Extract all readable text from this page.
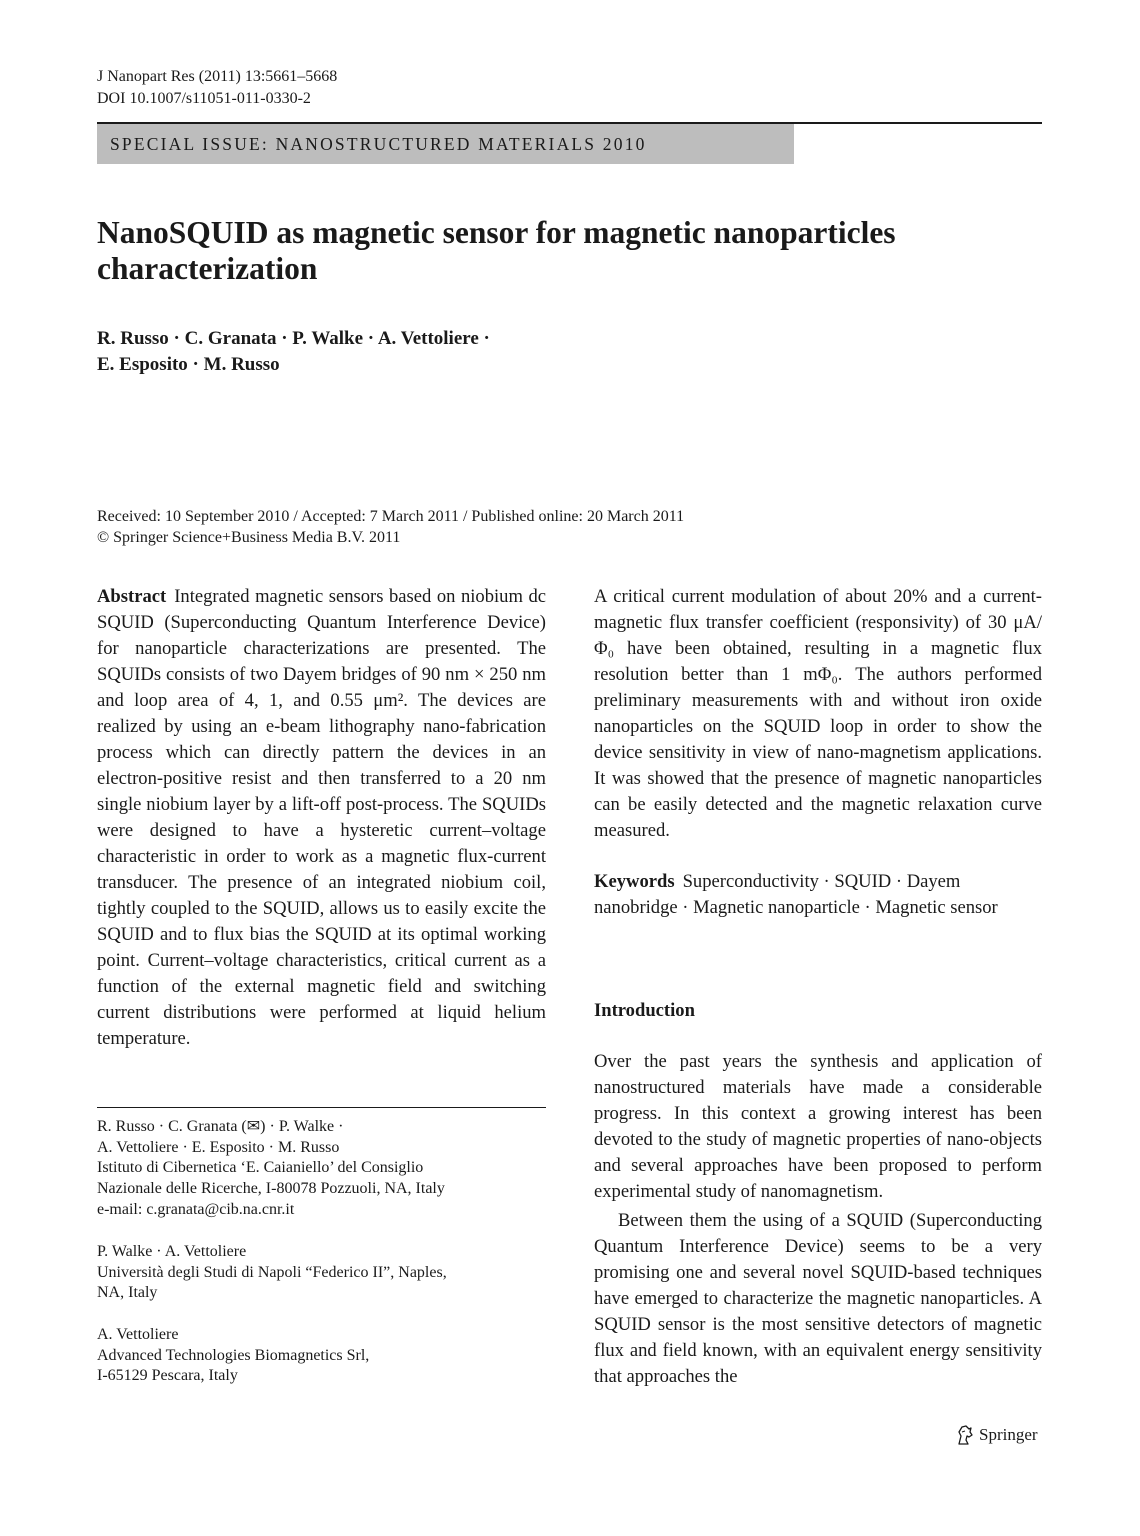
J Nanopart Res (2011) 13:5661–5668
DOI 10.1007/s11051-011-0330-2
SPECIAL ISSUE: NANOSTRUCTURED MATERIALS 2010
NanoSQUID as magnetic sensor for magnetic nanoparticles
characterization
R. Russo · C. Granata · P. Walke · A. Vettoliere ·
E. Esposito · M. Russo
Received: 10 September 2010 / Accepted: 7 March 2011 / Published online: 20 March 2011
© Springer Science+Business Media B.V. 2011

Abstract Integrated magnetic sensors based on niobium dc SQUID (Superconducting Quantum Interference Device) for nanoparticle characterizations are presented. The SQUIDs consists of two Dayem bridges of 90 nm × 250 nm and loop area of 4, 1, and 0.55 μm². The devices are realized by using an e-beam lithography nano-fabrication process which can directly pattern the devices in an electron-positive resist and then transferred to a 20 nm single niobium layer by a lift-off post-process. The SQUIDs were designed to have a hysteretic current–voltage characteristic in order to work as a magnetic flux-current transducer. The presence of an integrated niobium coil, tightly coupled to the SQUID, allows us to easily excite the SQUID and to flux bias the SQUID at its optimal working point. Current–voltage characteristics, critical current as a function of the external magnetic field and switching current distributions were performed at liquid helium temperature.

A critical current modulation of about 20% and a current-magnetic flux transfer coefficient (responsivity) of 30 μA/Φ₀ have been obtained, resulting in a magnetic flux resolution better than 1 mΦ₀. The authors performed preliminary measurements with and without iron oxide nanoparticles on the SQUID loop in order to show the device sensitivity in view of nano-magnetism applications. It was showed that the presence of magnetic nanoparticles can be easily detected and the magnetic relaxation curve measured.

Keywords Superconductivity · SQUID · Dayem nanobridge · Magnetic nanoparticle · Magnetic sensor
Introduction

Over the past years the synthesis and application of nanostructured materials have made a considerable progress. In this context a growing interest has been devoted to the study of magnetic properties of nano-objects and several approaches have been proposed to perform experimental study of nanomagnetism.

Between them the using of a SQUID (Superconducting Quantum Interference Device) seems to be a very promising one and several novel SQUID-based techniques have emerged to characterize the magnetic nanoparticles. A SQUID sensor is the most sensitive detectors of magnetic flux and field known, with an equivalent energy sensitivity that approaches the

R. Russo · C. Granata (✉) · P. Walke ·
A. Vettoliere · E. Esposito · M. Russo
Istituto di Cibernetica ‘E. Caianiello’ del Consiglio
Nazionale delle Ricerche, I-80078 Pozzuoli, NA, Italy
e-mail: c.granata@cib.na.cnr.it
P. Walke · A. Vettoliere
Università degli Studi di Napoli “Federico II”, Naples,
NA, Italy
A. Vettoliere
Advanced Technologies Biomagnetics Srl,
I-65129 Pescara, Italy
Springer
